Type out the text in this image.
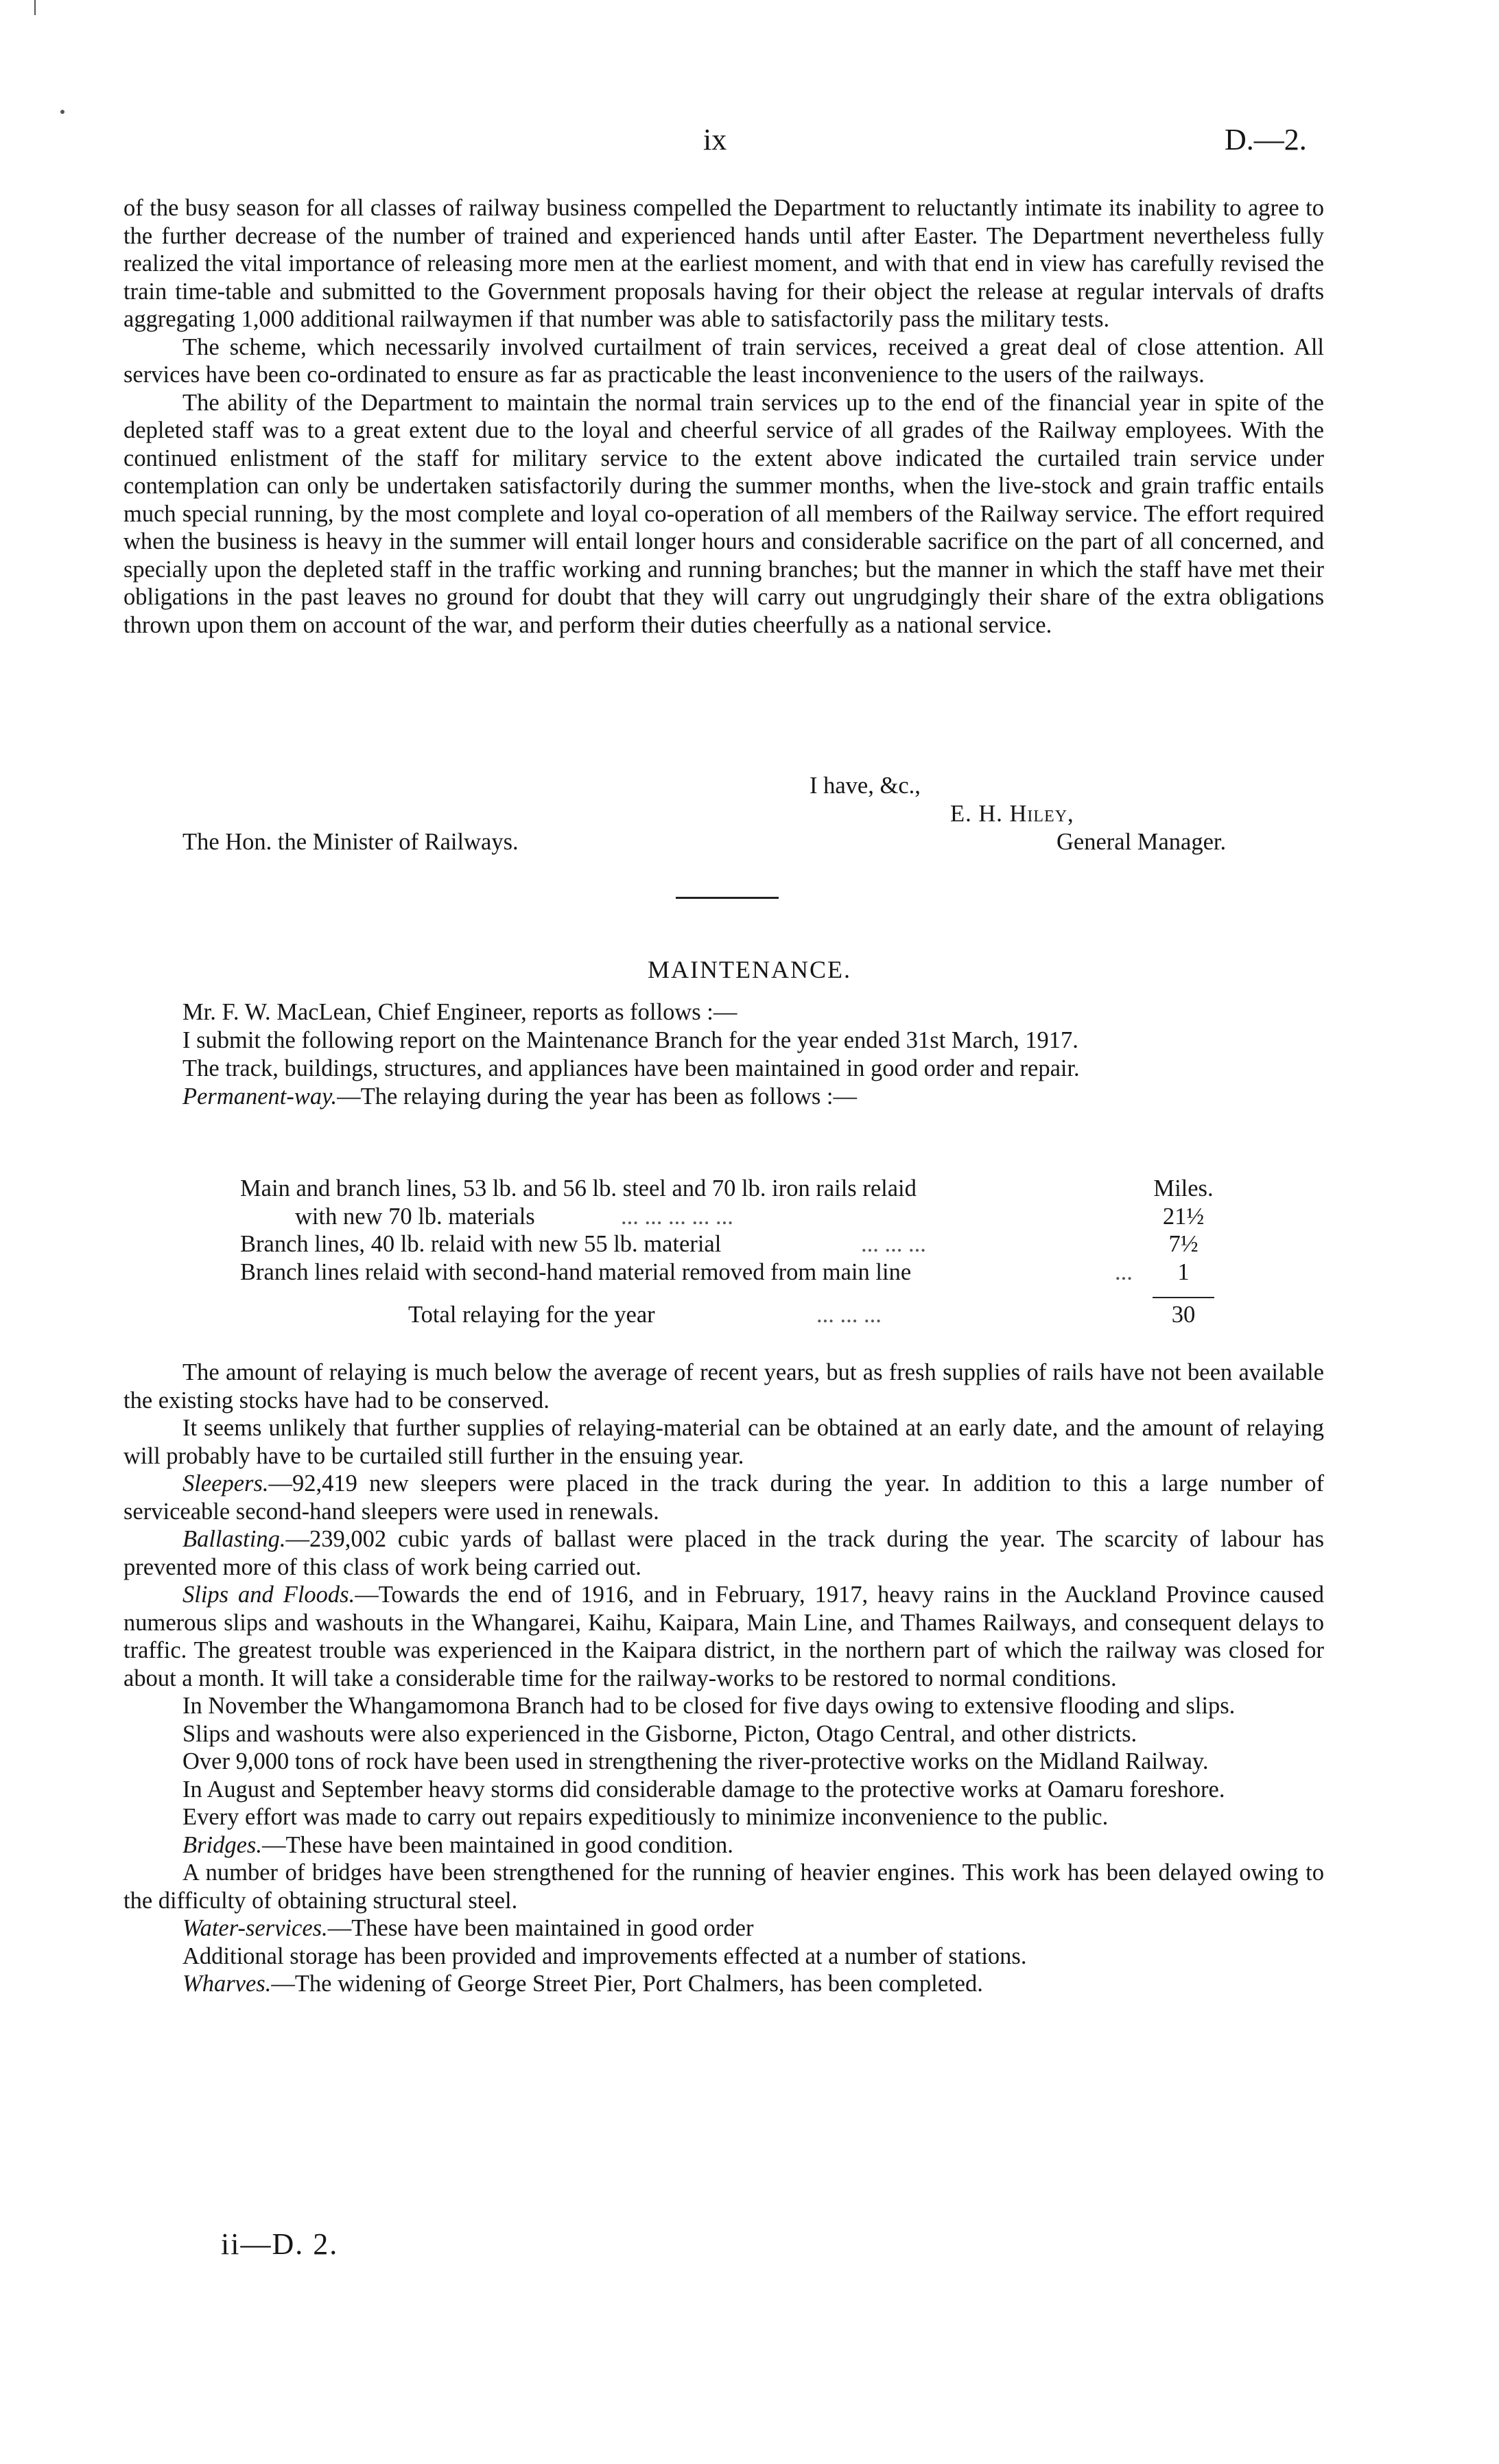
ix	D.—2.

of the busy season for all classes of railway business compelled the Department to reluctantly intimate its inability to agree to the further decrease of the number of trained and experienced hands until after Easter. The Department nevertheless fully realized the vital importance of releasing more men at the earliest moment, and with that end in view has carefully revised the train time-table and submitted to the Government proposals having for their object the release at regular intervals of drafts aggregating 1,000 additional railwaymen if that number was able to satisfactorily pass the military tests.

The scheme, which necessarily involved curtailment of train services, received a great deal of close attention. All services have been co-ordinated to ensure as far as practicable the least inconvenience to the users of the railways.

The ability of the Department to maintain the normal train services up to the end of the financial year in spite of the depleted staff was to a great extent due to the loyal and cheerful service of all grades of the Railway employees. With the continued enlistment of the staff for military service to the extent above indicated the curtailed train service under contemplation can only be undertaken satisfactorily during the summer months, when the live-stock and grain traffic entails much special running, by the most complete and loyal co-operation of all members of the Railway service. The effort required when the business is heavy in the summer will entail longer hours and considerable sacrifice on the part of all concerned, and specially upon the depleted staff in the traffic working and running branches; but the manner in which the staff have met their obligations in the past leaves no ground for doubt that they will carry out ungrudgingly their share of the extra obligations thrown upon them on account of the war, and perform their duties cheerfully as a national service.

I have, &c.,
E. H. Hiley,
The Hon. the Minister of Railways.	General Manager.
MAINTENANCE.

Mr. F. W. MacLean, Chief Engineer, reports as follows :—

I submit the following report on the Maintenance Branch for the year ended 31st March, 1917.

The track, buildings, structures, and appliances have been maintained in good order and repair.

Permanent-way.—The relaying during the year has been as follows :—

Main and branch lines, 53 lb. and 56 lb. steel and 70 lb. iron rails relaid	Miles.
with new 70 lb. materials	... ... ... ... ...	21½
Branch lines, 40 lb. relaid with new 55 lb. material	... ... ...	7½
Branch lines relaid with second-hand material removed from main line	...	1
Total relaying for the year	... ... ...	30

The amount of relaying is much below the average of recent years, but as fresh supplies of rails have not been available the existing stocks have had to be conserved.

It seems unlikely that further supplies of relaying-material can be obtained at an early date, and the amount of relaying will probably have to be curtailed still further in the ensuing year.

Sleepers.—92,419 new sleepers were placed in the track during the year. In addition to this a large number of serviceable second-hand sleepers were used in renewals.

Ballasting.—239,002 cubic yards of ballast were placed in the track during the year. The scarcity of labour has prevented more of this class of work being carried out.

Slips and Floods.—Towards the end of 1916, and in February, 1917, heavy rains in the Auckland Province caused numerous slips and washouts in the Whangarei, Kaihu, Kaipara, Main Line, and Thames Railways, and consequent delays to traffic. The greatest trouble was experienced in the Kaipara district, in the northern part of which the railway was closed for about a month. It will take a considerable time for the railway-works to be restored to normal conditions.

In November the Whangamomona Branch had to be closed for five days owing to extensive flooding and slips.

Slips and washouts were also experienced in the Gisborne, Picton, Otago Central, and other districts.

Over 9,000 tons of rock have been used in strengthening the river-protective works on the Midland Railway.

In August and September heavy storms did considerable damage to the protective works at Oamaru foreshore.

Every effort was made to carry out repairs expeditiously to minimize inconvenience to the public.

Bridges.—These have been maintained in good condition.

A number of bridges have been strengthened for the running of heavier engines. This work has been delayed owing to the difficulty of obtaining structural steel.

Water-services.—These have been maintained in good order

Additional storage has been provided and improvements effected at a number of stations.

Wharves.—The widening of George Street Pier, Port Chalmers, has been completed.

ii—D. 2.
